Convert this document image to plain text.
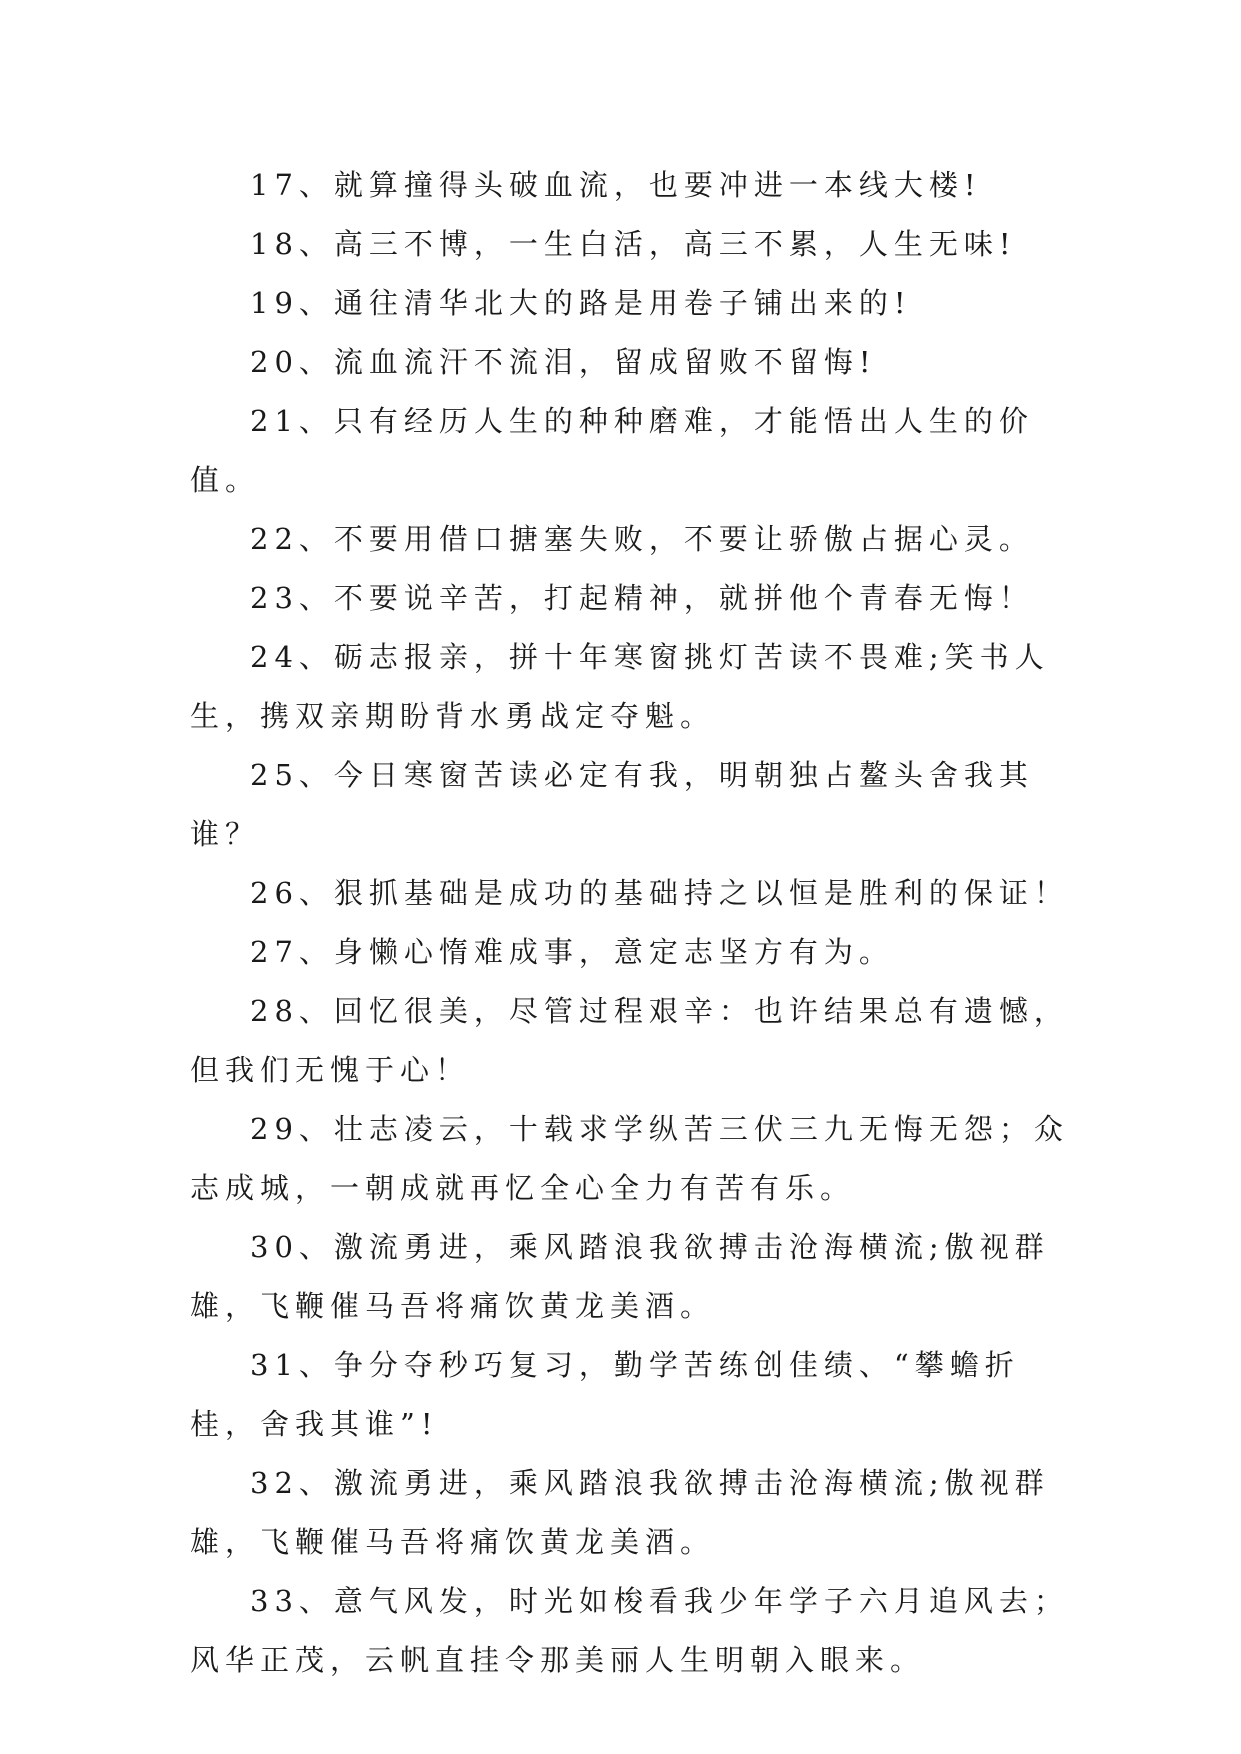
17、就算撞得头破血流，也要冲进一本线大楼!

18、高三不博，一生白活，高三不累，人生无味!

19、通往清华北大的路是用卷子铺出来的!

20、流血流汗不流泪，留成留败不留悔!

21、只有经历人生的种种磨难，才能悟出人生的价值。

22、不要用借口搪塞失败，不要让骄傲占据心灵。

23、不要说辛苦，打起精神，就拼他个青春无悔！

24、砺志报亲，拼十年寒窗挑灯苦读不畏难;笑书人生，携双亲期盼背水勇战定夺魁。

25、今日寒窗苦读必定有我，明朝独占鳌头舍我其谁？

26、狠抓基础是成功的基础持之以恒是胜利的保证！

27、身懒心惰难成事，意定志坚方有为。

28、回忆很美，尽管过程艰辛：也许结果总有遗憾，但我们无愧于心！

29、壮志凌云，十载求学纵苦三伏三九无悔无怨；众志成城，一朝成就再忆全心全力有苦有乐。

30、激流勇进，乘风踏浪我欲搏击沧海横流;傲视群雄，飞鞭催马吾将痛饮黄龙美酒。

31、争分夺秒巧复习，勤学苦练创佳绩、“攀蟾折桂，舍我其谁”!

32、激流勇进，乘风踏浪我欲搏击沧海横流;傲视群雄，飞鞭催马吾将痛饮黄龙美酒。

33、意气风发，时光如梭看我少年学子六月追风去；风华正茂，云帆直挂令那美丽人生明朝入眼来。
